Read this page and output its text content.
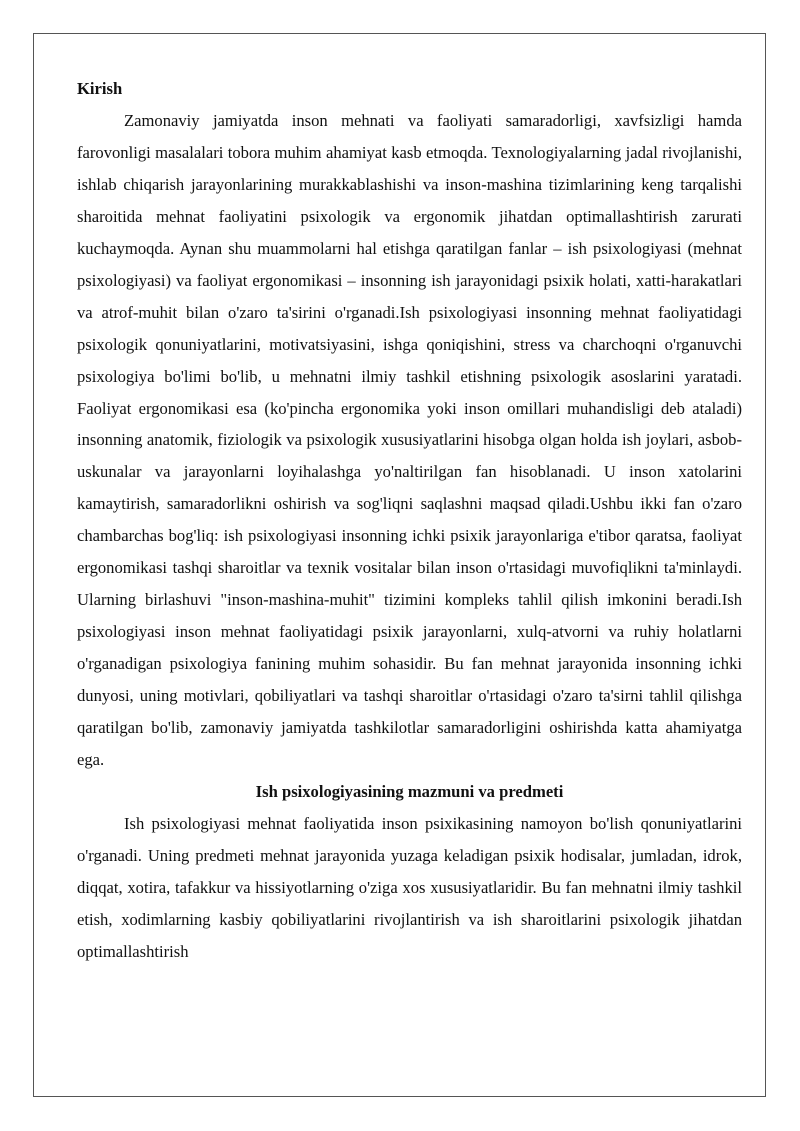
Kirish

Zamonaviy jamiyatda inson mehnati va faoliyati samaradorligi, xavfsizligi hamda farovonligi masalalari tobora muhim ahamiyat kasb etmoqda. Texnologiyalarning jadal rivojlanishi, ishlab chiqarish jarayonlarining murakkablashishi va inson-mashina tizimlarining keng tarqalishi sharoitida mehnat faoliyatini psixologik va ergonomik jihatdan optimallashtirish zarurati kuchaymoqda. Aynan shu muammolarni hal etishga qaratilgan fanlar – ish psixologiyasi (mehnat psixologiyasi) va faoliyat ergonomikasi – insonning ish jarayonidagi psixik holati, xatti-harakatlari va atrof-muhit bilan o'zaro ta'sirini o'rganadi.Ish psixologiyasi insonning mehnat faoliyatidagi psixologik qonuniyatlarini, motivatsiyasini, ishga qoniqishini, stress va charchoqni o'rganuvchi psixologiya bo'limi bo'lib, u mehnatni ilmiy tashkil etishning psixologik asoslarini yaratadi. Faoliyat ergonomikasi esa (ko'pincha ergonomika yoki inson omillari muhandisligi deb ataladi) insonning anatomik, fiziologik va psixologik xususiyatlarini hisobga olgan holda ish joylari, asbob-uskunalar va jarayonlarni loyihalashga yo'naltirilgan fan hisoblanadi. U inson xatolarini kamaytirish, samaradorlikni oshirish va sog'liqni saqlashni maqsad qiladi.Ushbu ikki fan o'zaro chambarchas bog'liq: ish psixologiyasi insonning ichki psixik jarayonlariga e'tibor qaratsa, faoliyat ergonomikasi tashqi sharoitlar va texnik vositalar bilan inson o'rtasidagi muvofiqlikni ta'minlaydi. Ularning birlashuvi "inson-mashina-muhit" tizimini kompleks tahlil qilish imkonini beradi.Ish psixologiyasi inson mehnat faoliyatidagi psixik jarayonlarni, xulq-atvorni va ruhiy holatlarni o'rganadigan psixologiya fanining muhim sohasidir. Bu fan mehnat jarayonida insonning ichki dunyosi, uning motivlari, qobiliyatlari va tashqi sharoitlar o'rtasidagi o'zaro ta'sirni tahlil qilishga qaratilgan bo'lib, zamonaviy jamiyatda tashkilotlar samaradorligini oshirishda katta ahamiyatga ega.

Ish psixologiyasining mazmuni va predmeti

Ish psixologiyasi mehnat faoliyatida inson psixikasining namoyon bo'lish qonuniyatlarini o'rganadi. Uning predmeti mehnat jarayonida yuzaga keladigan psixik hodisalar, jumladan, idrok, diqqat, xotira, tafakkur va hissiyotlarning o'ziga xos xususiyatlaridir. Bu fan mehnatni ilmiy tashkil etish, xodimlarning kasbiy qobiliyatlarini rivojlantirish va ish sharoitlarini psixologik jihatdan optimallashtirish
